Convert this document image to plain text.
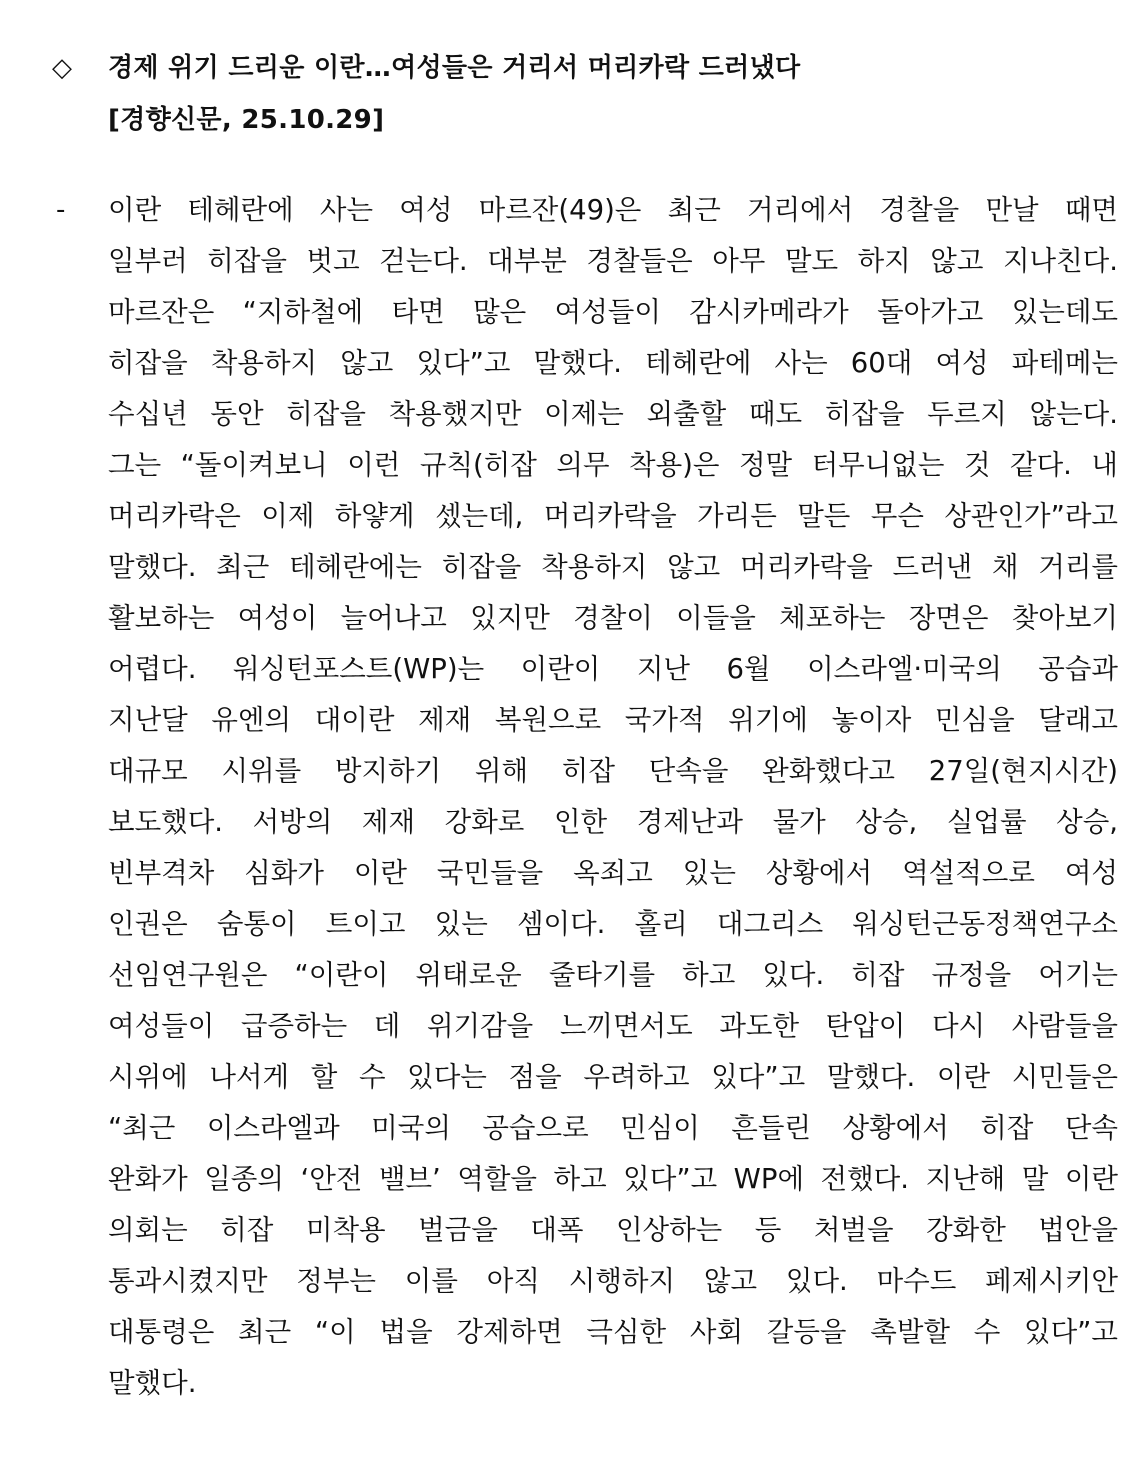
◇ 경제 위기 드리운 이란…여성들은 거리서 머리카락 드러냈다
[경향신문, 25.10.29]
- 이란 테헤란에 사는 여성 마르잔(49)은 최근 거리에서 경찰을 만날 때면
일부러 히잡을 벗고 걷는다. 대부분 경찰들은 아무 말도 하지 않고 지나친다.
마르잔은 “지하철에 타면 많은 여성들이 감시카메라가 돌아가고 있는데도
히잡을 착용하지 않고 있다”고 말했다. 테헤란에 사는 60대 여성 파테메는
수십년 동안 히잡을 착용했지만 이제는 외출할 때도 히잡을 두르지 않는다.
그는 “돌이켜보니 이런 규칙(히잡 의무 착용)은 정말 터무니없는 것 같다. 내
머리카락은 이제 하얗게 셌는데, 머리카락을 가리든 말든 무슨 상관인가”라고
말했다. 최근 테헤란에는 히잡을 착용하지 않고 머리카락을 드러낸 채 거리를
활보하는 여성이 늘어나고 있지만 경찰이 이들을 체포하는 장면은 찾아보기
어렵다. 워싱턴포스트(WP)는 이란이 지난 6월 이스라엘·미국의 공습과
지난달 유엔의 대이란 제재 복원으로 국가적 위기에 놓이자 민심을 달래고
대규모 시위를 방지하기 위해 히잡 단속을 완화했다고 27일(현지시간)
보도했다. 서방의 제재 강화로 인한 경제난과 물가 상승, 실업률 상승,
빈부격차 심화가 이란 국민들을 옥죄고 있는 상황에서 역설적으로 여성
인권은 숨통이 트이고 있는 셈이다. 홀리 대그리스 워싱턴근동정책연구소
선임연구원은 “이란이 위태로운 줄타기를 하고 있다. 히잡 규정을 어기는
여성들이 급증하는 데 위기감을 느끼면서도 과도한 탄압이 다시 사람들을
시위에 나서게 할 수 있다는 점을 우려하고 있다”고 말했다. 이란 시민들은
“최근 이스라엘과 미국의 공습으로 민심이 흔들린 상황에서 히잡 단속
완화가 일종의 ‘안전 밸브’ 역할을 하고 있다”고 WP에 전했다. 지난해 말 이란
의회는 히잡 미착용 벌금을 대폭 인상하는 등 처벌을 강화한 법안을
통과시켰지만 정부는 이를 아직 시행하지 않고 있다. 마수드 페제시키안
대통령은 최근 “이 법을 강제하면 극심한 사회 갈등을 촉발할 수 있다”고
말했다.
